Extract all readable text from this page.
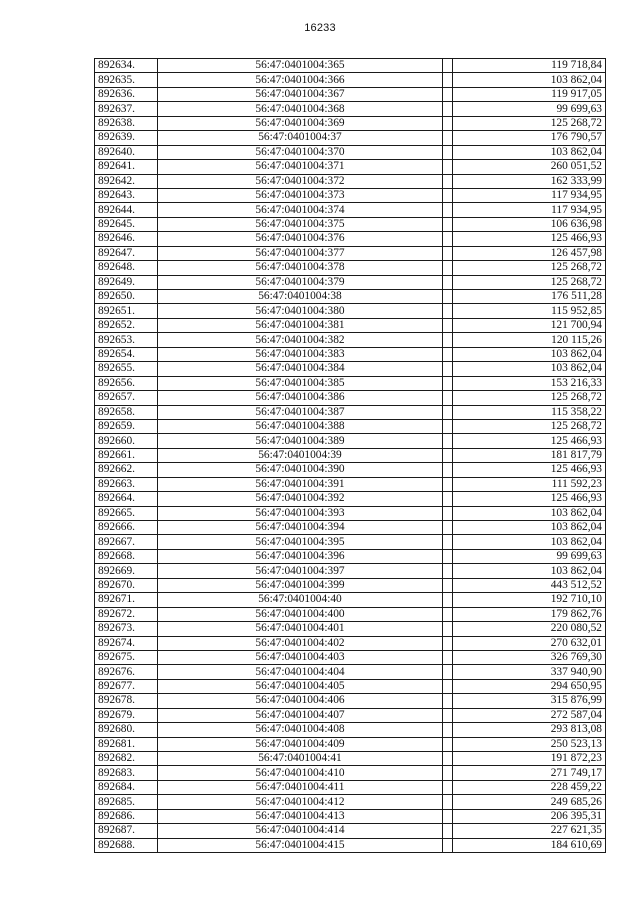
16233
892634.	56:47:0401004:365		119 718,84
892635.	56:47:0401004:366		103 862,04
892636.	56:47:0401004:367		119 917,05
892637.	56:47:0401004:368		99 699,63
892638.	56:47:0401004:369		125 268,72
892639.	56:47:0401004:37		176 790,57
892640.	56:47:0401004:370		103 862,04
892641.	56:47:0401004:371		260 051,52
892642.	56:47:0401004:372		162 333,99
892643.	56:47:0401004:373		117 934,95
892644.	56:47:0401004:374		117 934,95
892645.	56:47:0401004:375		106 636,98
892646.	56:47:0401004:376		125 466,93
892647.	56:47:0401004:377		126 457,98
892648.	56:47:0401004:378		125 268,72
892649.	56:47:0401004:379		125 268,72
892650.	56:47:0401004:38		176 511,28
892651.	56:47:0401004:380		115 952,85
892652.	56:47:0401004:381		121 700,94
892653.	56:47:0401004:382		120 115,26
892654.	56:47:0401004:383		103 862,04
892655.	56:47:0401004:384		103 862,04
892656.	56:47:0401004:385		153 216,33
892657.	56:47:0401004:386		125 268,72
892658.	56:47:0401004:387		115 358,22
892659.	56:47:0401004:388		125 268,72
892660.	56:47:0401004:389		125 466,93
892661.	56:47:0401004:39		181 817,79
892662.	56:47:0401004:390		125 466,93
892663.	56:47:0401004:391		111 592,23
892664.	56:47:0401004:392		125 466,93
892665.	56:47:0401004:393		103 862,04
892666.	56:47:0401004:394		103 862,04
892667.	56:47:0401004:395		103 862,04
892668.	56:47:0401004:396		99 699,63
892669.	56:47:0401004:397		103 862,04
892670.	56:47:0401004:399		443 512,52
892671.	56:47:0401004:40		192 710,10
892672.	56:47:0401004:400		179 862,76
892673.	56:47:0401004:401		220 080,52
892674.	56:47:0401004:402		270 632,01
892675.	56:47:0401004:403		326 769,30
892676.	56:47:0401004:404		337 940,90
892677.	56:47:0401004:405		294 650,95
892678.	56:47:0401004:406		315 876,99
892679.	56:47:0401004:407		272 587,04
892680.	56:47:0401004:408		293 813,08
892681.	56:47:0401004:409		250 523,13
892682.	56:47:0401004:41		191 872,23
892683.	56:47:0401004:410		271 749,17
892684.	56:47:0401004:411		228 459,22
892685.	56:47:0401004:412		249 685,26
892686.	56:47:0401004:413		206 395,31
892687.	56:47:0401004:414		227 621,35
892688.	56:47:0401004:415		184 610,69
